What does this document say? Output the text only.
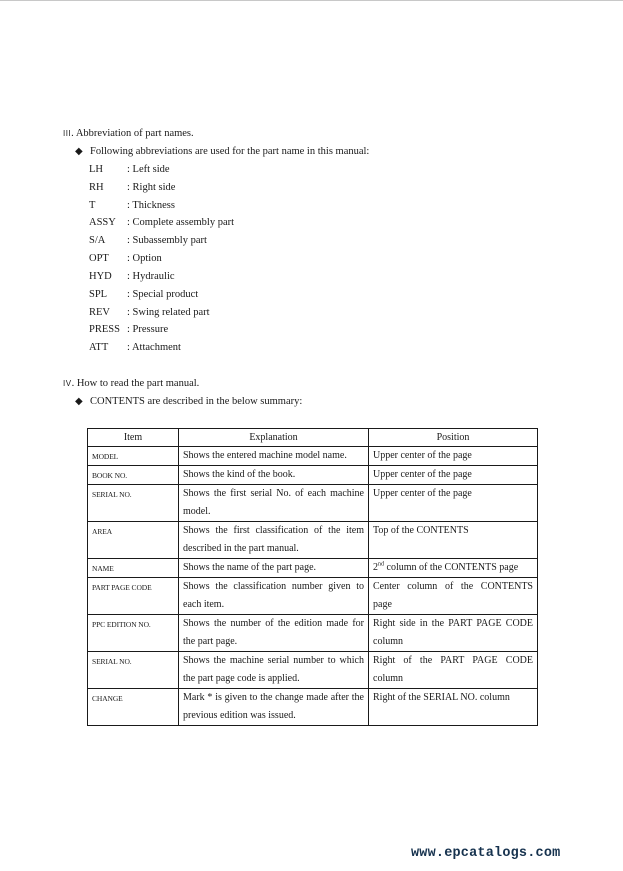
III. Abbreviation of part names.
◆ Following abbreviations are used for the part name in this manual:
LH : Left side
RH : Right side
T	: Thickness
ASSY : Complete assembly part
S/A : Subassembly part
OPT : Option
HYD : Hydraulic
SPL : Special product
REV : Swing related part
PRESS : Pressure
ATT : Attachment
IV. How to read the part manual.
◆ CONTENTS are described in the below summary:
Item	Explanation	Position
MODEL	Shows the entered machine model name.	Upper center of the page
BOOK NO.	Shows the kind of the book.	Upper center of the page
SERIAL NO.	Shows the first serial No. of each machine model.	Upper center of the page
AREA	Shows the first classification of the item described in the part manual.	Top of the CONTENTS
NAME	Shows the name of the part page.	2nd column of the CONTENTS page
PART PAGE CODE	Shows the classification number given to each item.	Center column of the CONTENTS page
PPC EDITION NO.	Shows the number of the edition made for the part page.	Right side in the PART PAGE CODE column
SERIAL NO.	Shows the machine serial number to which the part page code is applied.	Right of the PART PAGE CODE column
CHANGE	Mark * is given to the change made after the previous edition was issued.	Right of the SERIAL NO. column
www.epcatalogs.com
